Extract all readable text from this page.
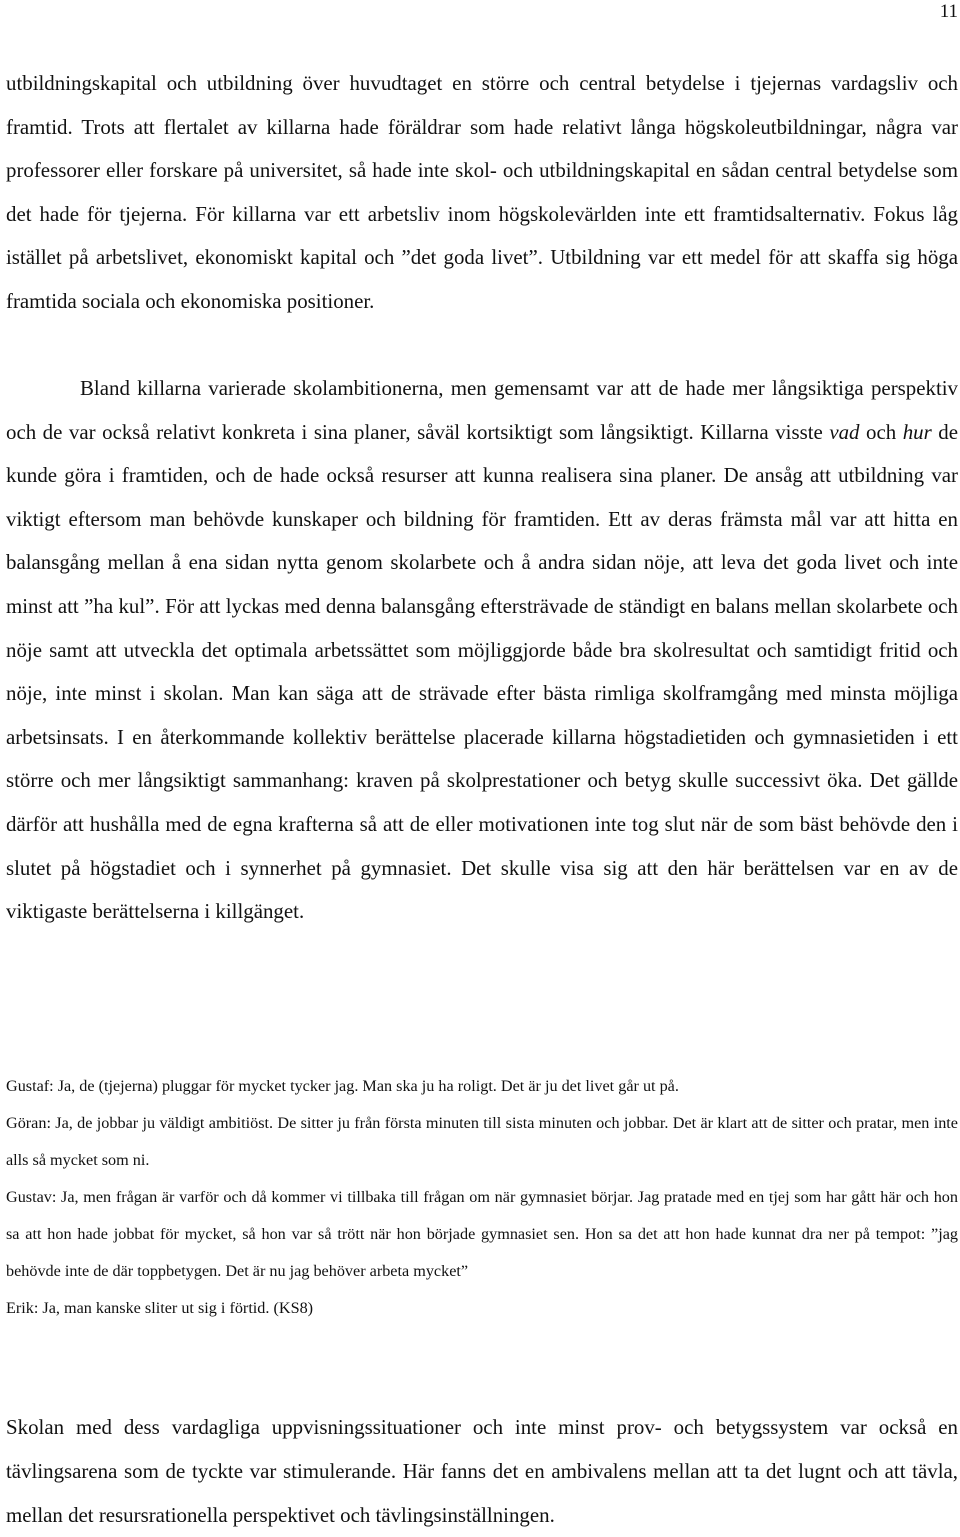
11

utbildningskapital och utbildning över huvudtaget en större och central betydelse i tjejernas vardagsliv och framtid. Trots att flertalet av killarna hade föräldrar som hade relativt långa högskoleutbildningar, några var professorer eller forskare på universitet, så hade inte skol- och utbildningskapital en sådan central betydelse som det hade för tjejerna. För killarna var ett arbetsliv inom högskolevärlden inte ett framtidsalternativ. Fokus låg istället på arbetslivet, ekonomiskt kapital och ”det goda livet”. Utbildning var ett medel för att skaffa sig höga framtida sociala och ekonomiska positioner.

Bland killarna varierade skolambitionerna, men gemensamt var att de hade mer långsiktiga perspektiv och de var också relativt konkreta i sina planer, såväl kortsiktigt som långsiktigt. Killarna visste vad och hur de kunde göra i framtiden, och de hade också resurser att kunna realisera sina planer. De ansåg att utbildning var viktigt eftersom man behövde kunskaper och bildning för framtiden. Ett av deras främsta mål var att hitta en balansgång mellan å ena sidan nytta genom skolarbete och å andra sidan nöje, att leva det goda livet och inte minst att ”ha kul”. För att lyckas med denna balansgång eftersträvade de ständigt en balans mellan skolarbete och nöje samt att utveckla det optimala arbetssättet som möjliggjorde både bra skolresultat och samtidigt fritid och nöje, inte minst i skolan. Man kan säga att de strävade efter bästa rimliga skolframgång med minsta möjliga arbetsinsats. I en återkommande kollektiv berättelse placerade killarna högstadietiden och gymnasietiden i ett större och mer långsiktigt sammanhang: kraven på skolprestationer och betyg skulle successivt öka. Det gällde därför att hushålla med de egna krafterna så att de eller motivationen inte tog slut när de som bäst behövde den i slutet på högstadiet och i synnerhet på gymnasiet. Det skulle visa sig att den här berättelsen var en av de viktigaste berättelserna i killgänget.

Gustaf: Ja, de (tjejerna) pluggar för mycket tycker jag. Man ska ju ha roligt. Det är ju det livet går ut på.

Göran: Ja, de jobbar ju väldigt ambitiöst. De sitter ju från första minuten till sista minuten och jobbar. Det är klart att de sitter och pratar, men inte alls så mycket som ni.

Gustav: Ja, men frågan är varför och då kommer vi tillbaka till frågan om när gymnasiet börjar. Jag pratade med en tjej som har gått här och hon sa att hon hade jobbat för mycket, så hon var så trött när hon började gymnasiet sen. Hon sa det att hon hade kunnat dra ner på tempot: ”jag behövde inte de där toppbetygen. Det är nu jag behöver arbeta mycket”

Erik: Ja, man kanske sliter ut sig i förtid. (KS8)

Skolan med dess vardagliga uppvisningssituationer och inte minst prov- och betygssystem var också en tävlingsarena som de tyckte var stimulerande. Här fanns det en ambivalens mellan att ta det lugnt och att tävla, mellan det resursrationella perspektivet och tävlingsinställningen.
